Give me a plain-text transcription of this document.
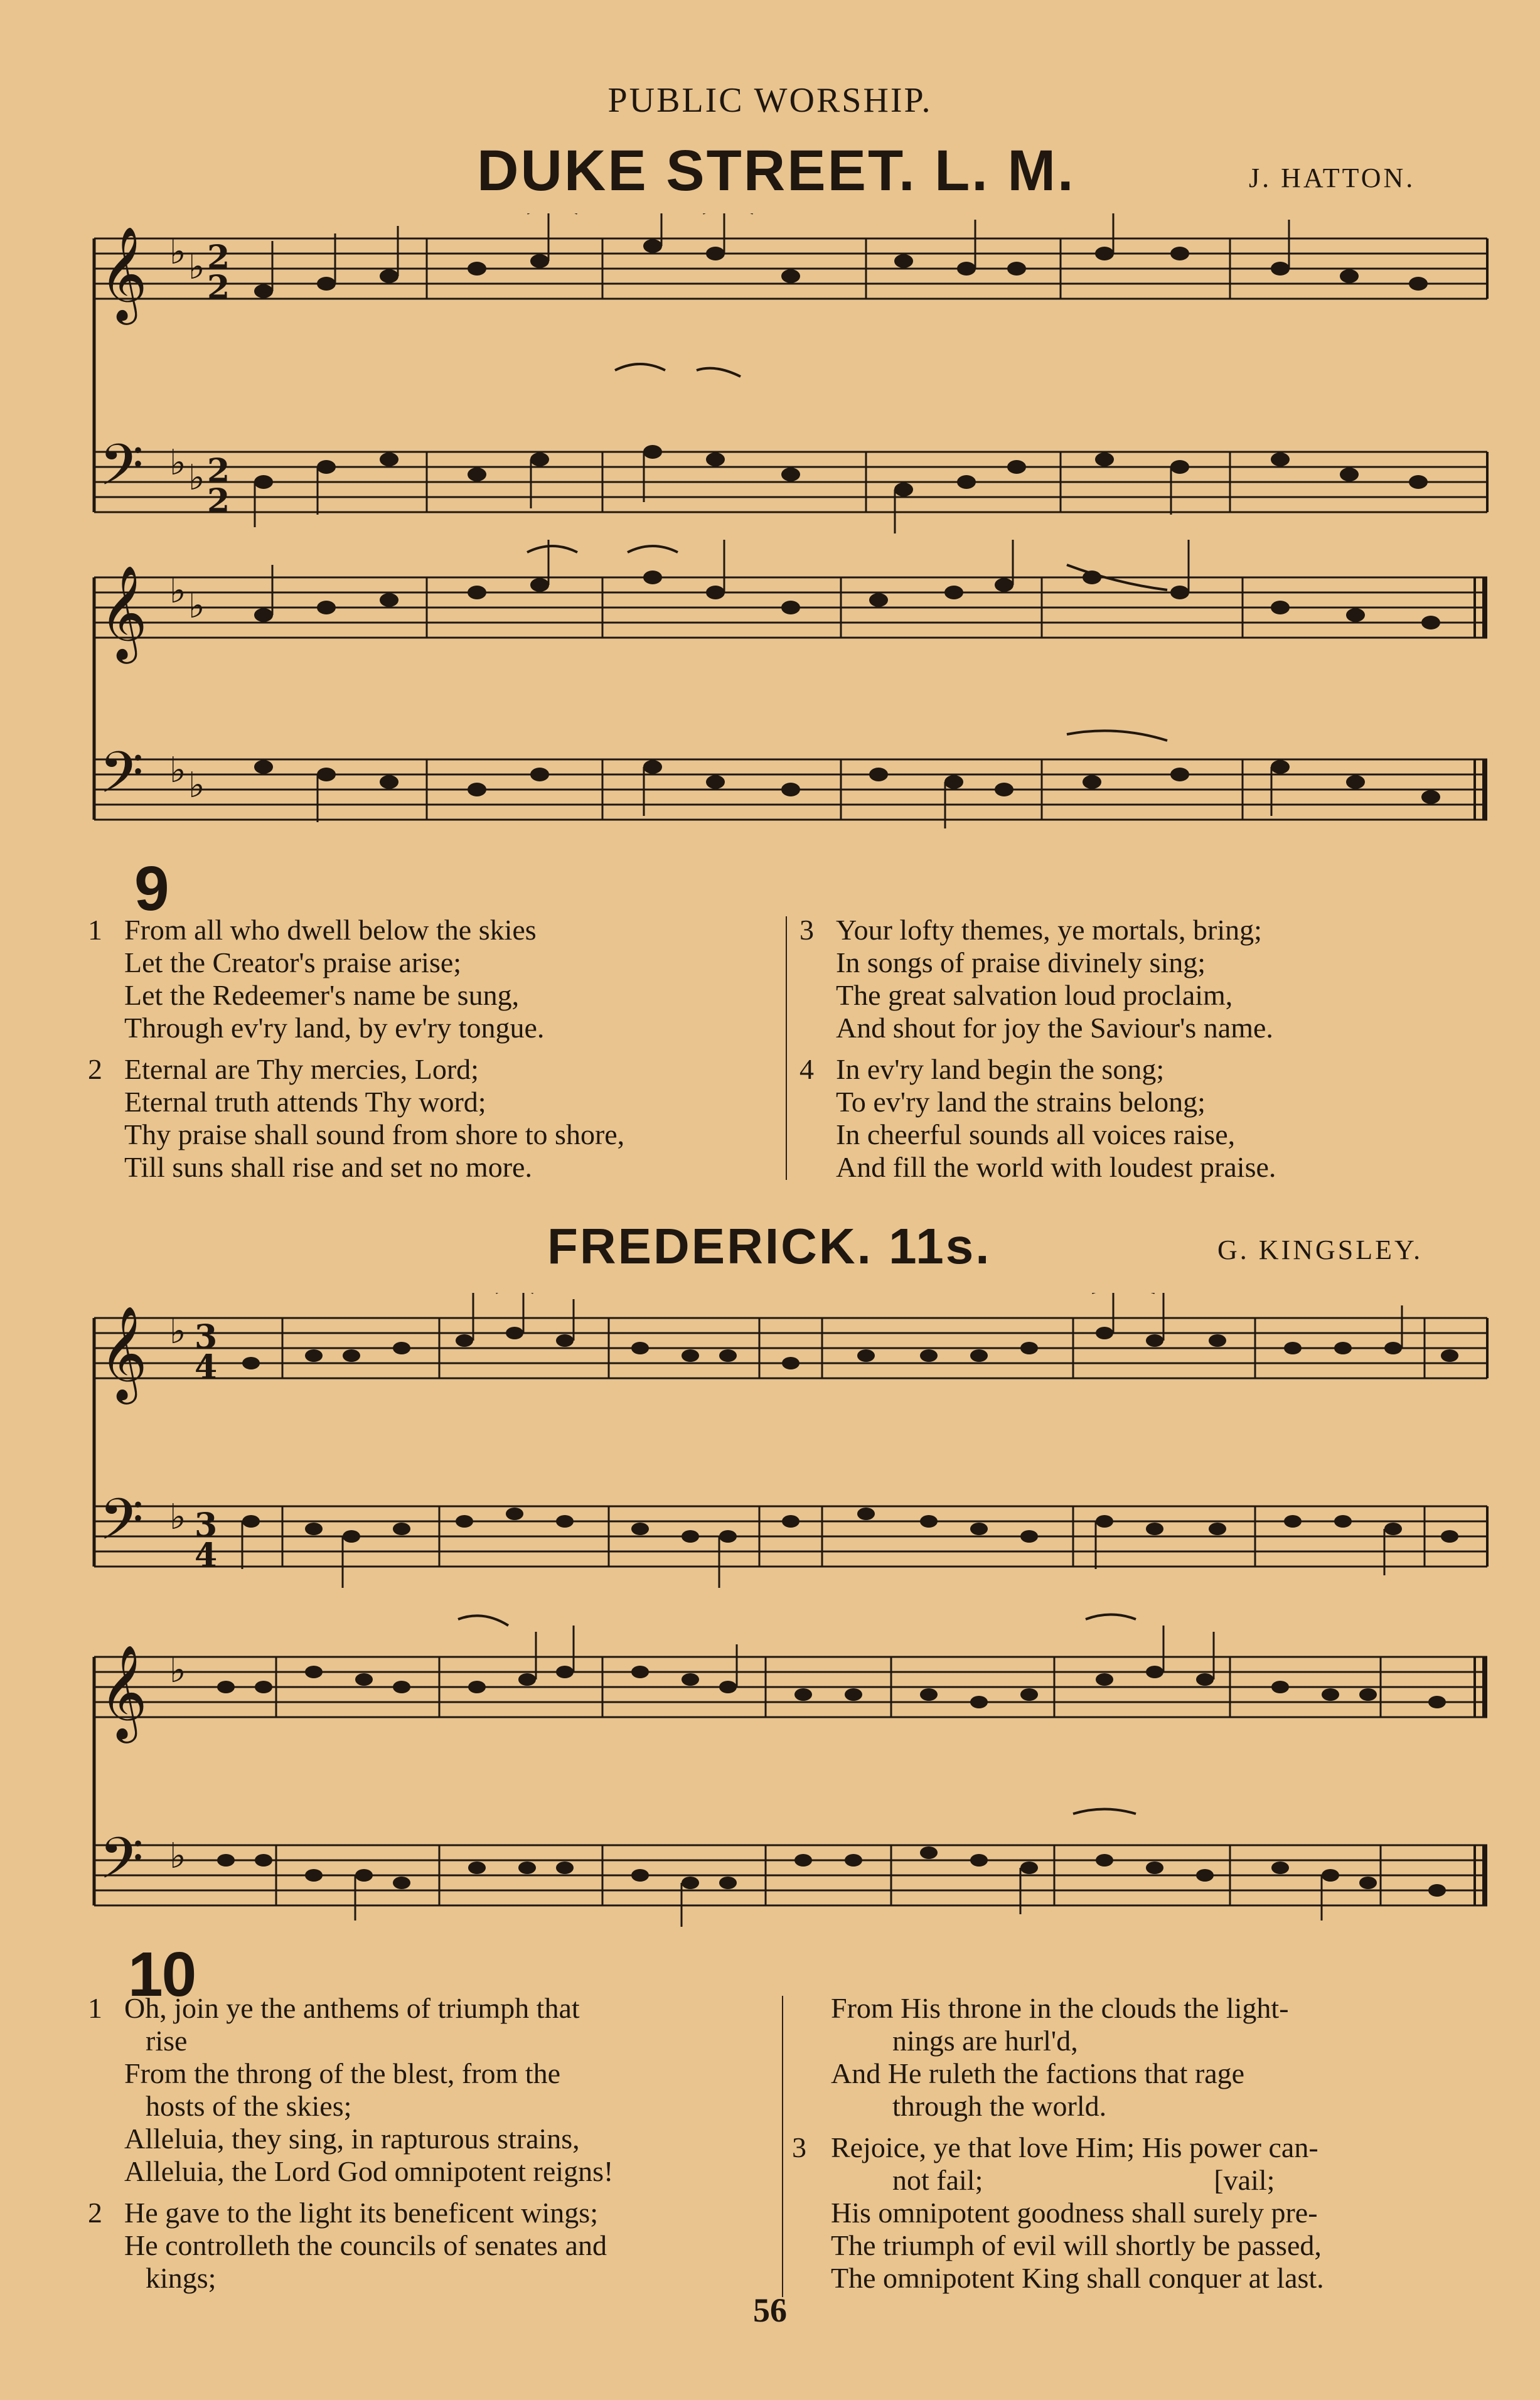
PUBLIC WORSHIP.
DUKE STREET. L. M.	J. HATTON.
𝄞
𝄢
𝄞
𝄢
♭ ♭
♭ ♭
♭ ♭
♭ ♭
2
2
2
2
9
1 From all who dwell below the skies
Let the Creator's praise arise;
Let the Redeemer's name be sung,
Through ev'ry land, by ev'ry tongue.
2 Eternal are Thy mercies, Lord;
Eternal truth attends Thy word;
Thy praise shall sound from shore to shore,
Till suns shall rise and set no more.
3 Your lofty themes, ye mortals, bring;
In songs of praise divinely sing;
The great salvation loud proclaim,
And shout for joy the Saviour's name.
4 In ev'ry land begin the song;
To ev'ry land the strains belong;
In cheerful sounds all voices raise,
And fill the world with loudest praise.
FREDERICK. 11s.	G. KINGSLEY.
𝄞
𝄢
𝄞
𝄢
♭
♭
♭
♭
3
4
3
4
10
1 Oh, join ye the anthems of triumph that
rise
From the throng of the blest, from the
hosts of the skies;
Alleluia, they sing, in rapturous strains,
Alleluia, the Lord God omnipotent reigns!
2 He gave to the light its beneficent wings;
He controlleth the councils of senates and
kings;
From His throne in the clouds the light-
nings are hurl'd,
And He ruleth the factions that rage
through the world.
3 Rejoice, ye that love Him; His power can-
not fail;                                [vail;
His omnipotent goodness shall surely pre-
The triumph of evil will shortly be passed,
The omnipotent King shall conquer at last.
56
